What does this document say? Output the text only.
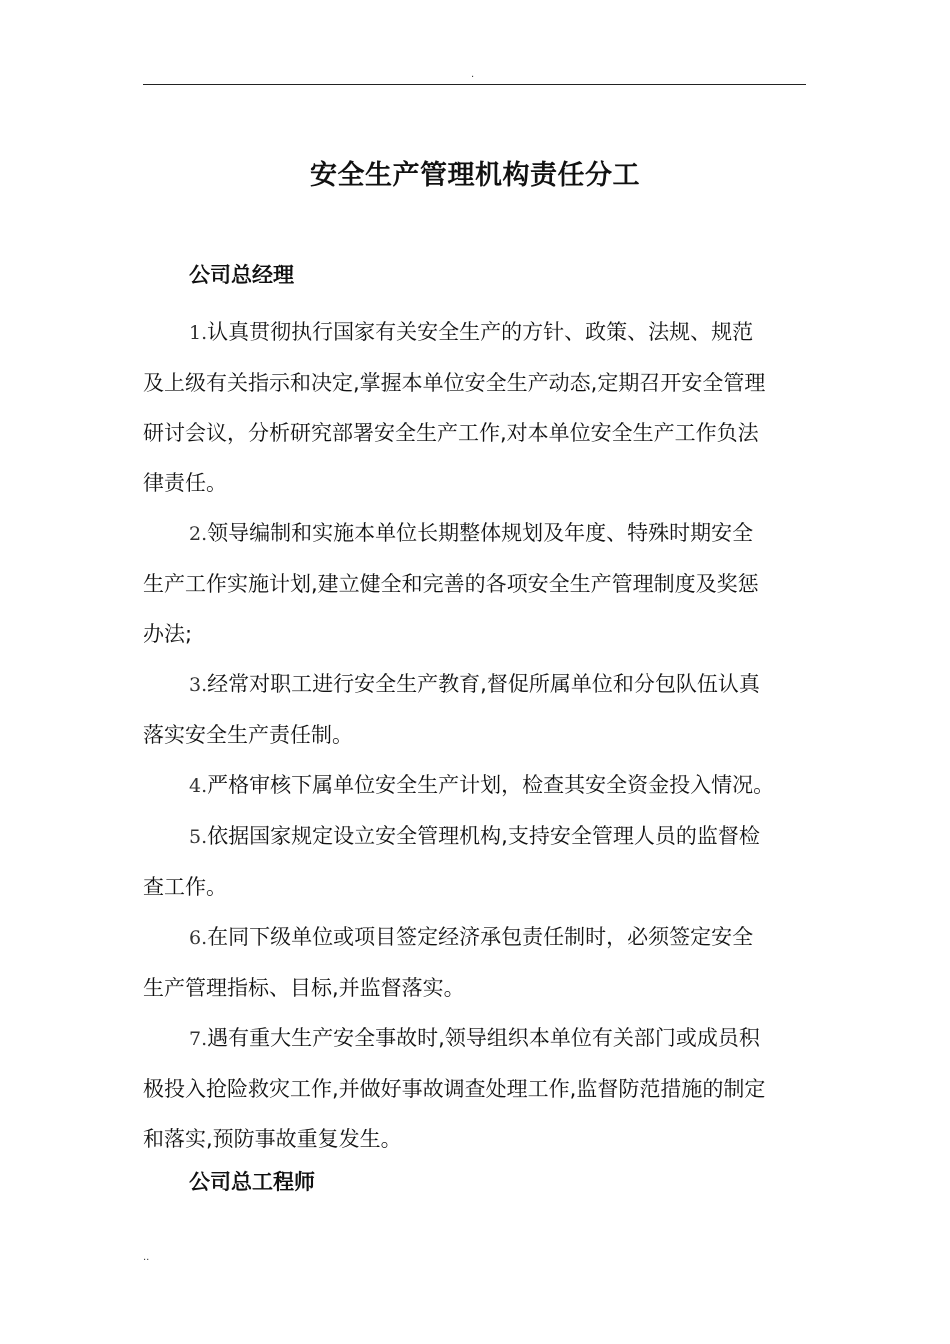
.
安全生产管理机构责任分工
公司总经理

1.认真贯彻执行国家有关安全生产的方针、政策、法规、规范
及上级有关指示和决定,掌握本单位安全生产动态,定期召开安全管理
研讨会议，分析研究部署安全生产工作,对本单位安全生产工作负法
律责任。

2.领导编制和实施本单位长期整体规划及年度、特殊时期安全
生产工作实施计划,建立健全和完善的各项安全生产管理制度及奖惩
办法;

3.经常对职工进行安全生产教育,督促所属单位和分包队伍认真
落实安全生产责任制。

4.严格审核下属单位安全生产计划，检查其安全资金投入情况。

5.依据国家规定设立安全管理机构,支持安全管理人员的监督检
查工作。

6.在同下级单位或项目签定经济承包责任制时，必须签定安全
生产管理指标、目标,并监督落实。

7.遇有重大生产安全事故时,领导组织本单位有关部门或成员积
极投入抢险救灾工作,并做好事故调查处理工作,监督防范措施的制定
和落实,预防事故重复发生。

公司总工程师
..
